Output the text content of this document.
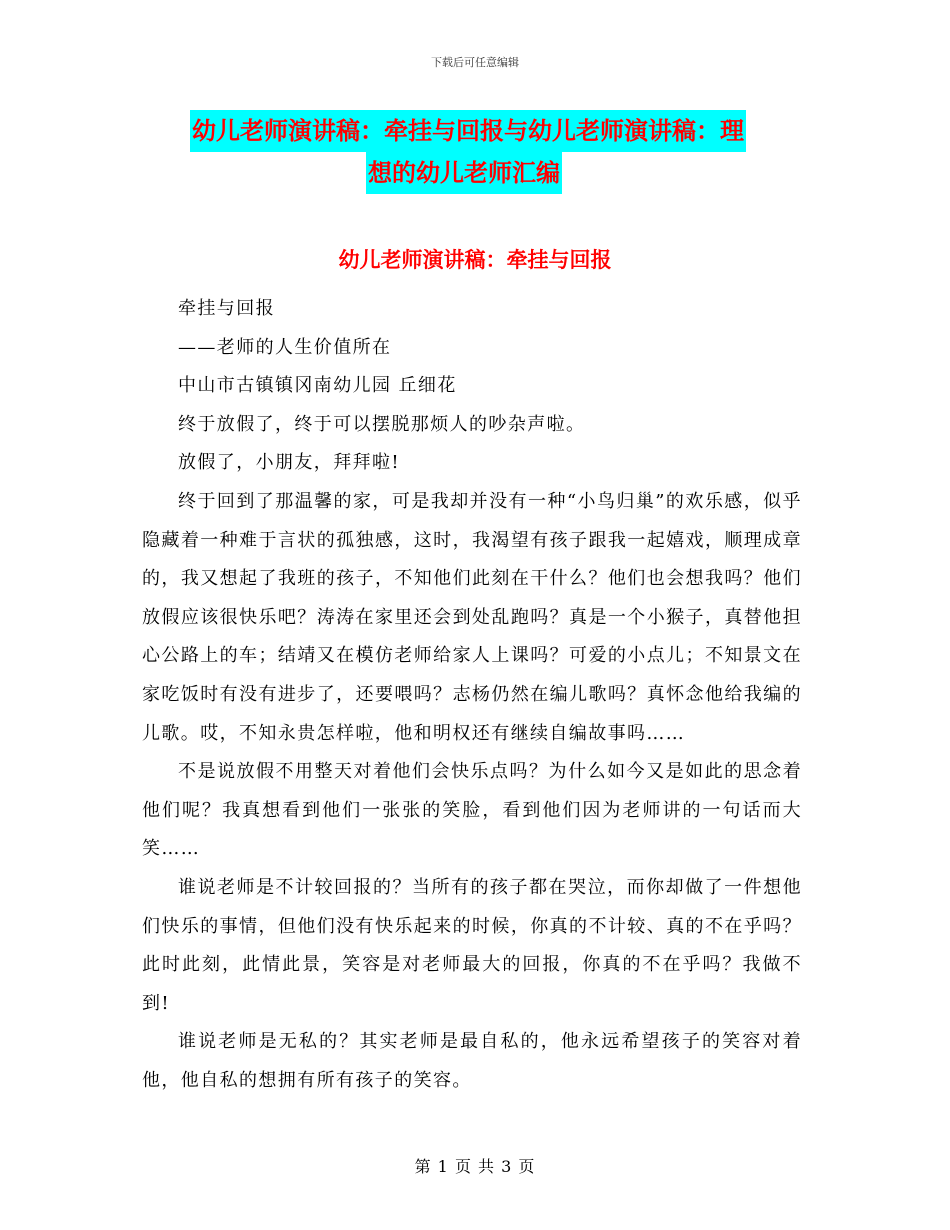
下载后可任意编辑
幼儿老师演讲稿：牵挂与回报与幼儿老师演讲稿：理
想的幼儿老师汇编
幼儿老师演讲稿：牵挂与回报

牵挂与回报

——老师的人生价值所在

中山市古镇镇冈南幼儿园 丘细花

终于放假了，终于可以摆脱那烦人的吵杂声啦。

放假了，小朋友，拜拜啦!

终于回到了那温馨的家，可是我却并没有一种“小鸟归巢”的欢乐感，似乎隐藏着一种难于言状的孤独感，这时，我渴望有孩子跟我一起嬉戏，顺理成章的，我又想起了我班的孩子，不知他们此刻在干什么？他们也会想我吗？他们放假应该很快乐吧？涛涛在家里还会到处乱跑吗？真是一个小猴子，真替他担心公路上的车；结靖又在模仿老师给家人上课吗？可爱的小点儿；不知景文在家吃饭时有没有进步了，还要喂吗？志杨仍然在编儿歌吗？真怀念他给我编的儿歌。哎，不知永贵怎样啦，他和明权还有继续自编故事吗……

不是说放假不用整天对着他们会快乐点吗？为什么如今又是如此的思念着他们呢？我真想看到他们一张张的笑脸，看到他们因为老师讲的一句话而大笑……

谁说老师是不计较回报的？当所有的孩子都在哭泣，而你却做了一件想他们快乐的事情，但他们没有快乐起来的时候，你真的不计较、真的不在乎吗？此时此刻，此情此景，笑容是对老师最大的回报，你真的不在乎吗？我做不到!

谁说老师是无私的？其实老师是最自私的，他永远希望孩子的笑容对着他，他自私的想拥有所有孩子的笑容。

第 1 页 共 3 页
